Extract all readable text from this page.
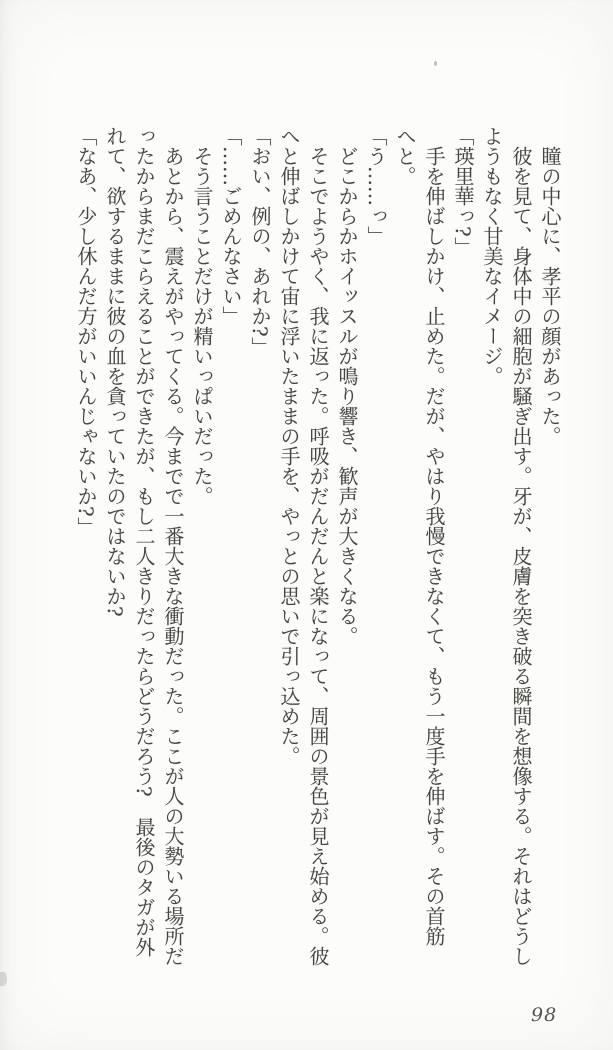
瞳の中心に、孝平の顔があった。

彼を見て、身体中の細胞が騒ぎ出す。牙が、皮膚を突き破る瞬間を想像する。それはどうし

ようもなく甘美なイメージ。

「瑛里華っ?」

手を伸ばしかけ、止めた。だが、やはり我慢できなくて、もう一度手を伸ばす。その首筋

へと。

「う……っ」

どこからかホイッスルが鳴り響き、歓声が大きくなる。

そこでようやく、我に返った。呼吸がだんだんと楽になって、周囲の景色が見え始める。彼

へと伸ばしかけて宙に浮いたままの手を、やっとの思いで引っ込めた。

「おい、例の、あれか?」

「……ごめんなさい」

そう言うことだけが精いっぱいだった。

あとから、震えがやってくる。今までで一番大きな衝動だった。ここが人の大勢いる場所だ

ったからまだこらえることができたが、もし二人きりだったらどうだろう?　最後のタガが外

れて、欲するままに彼の血を貪っていたのではないか?

「なあ、少し休んだ方がいいんじゃないか?」

98
